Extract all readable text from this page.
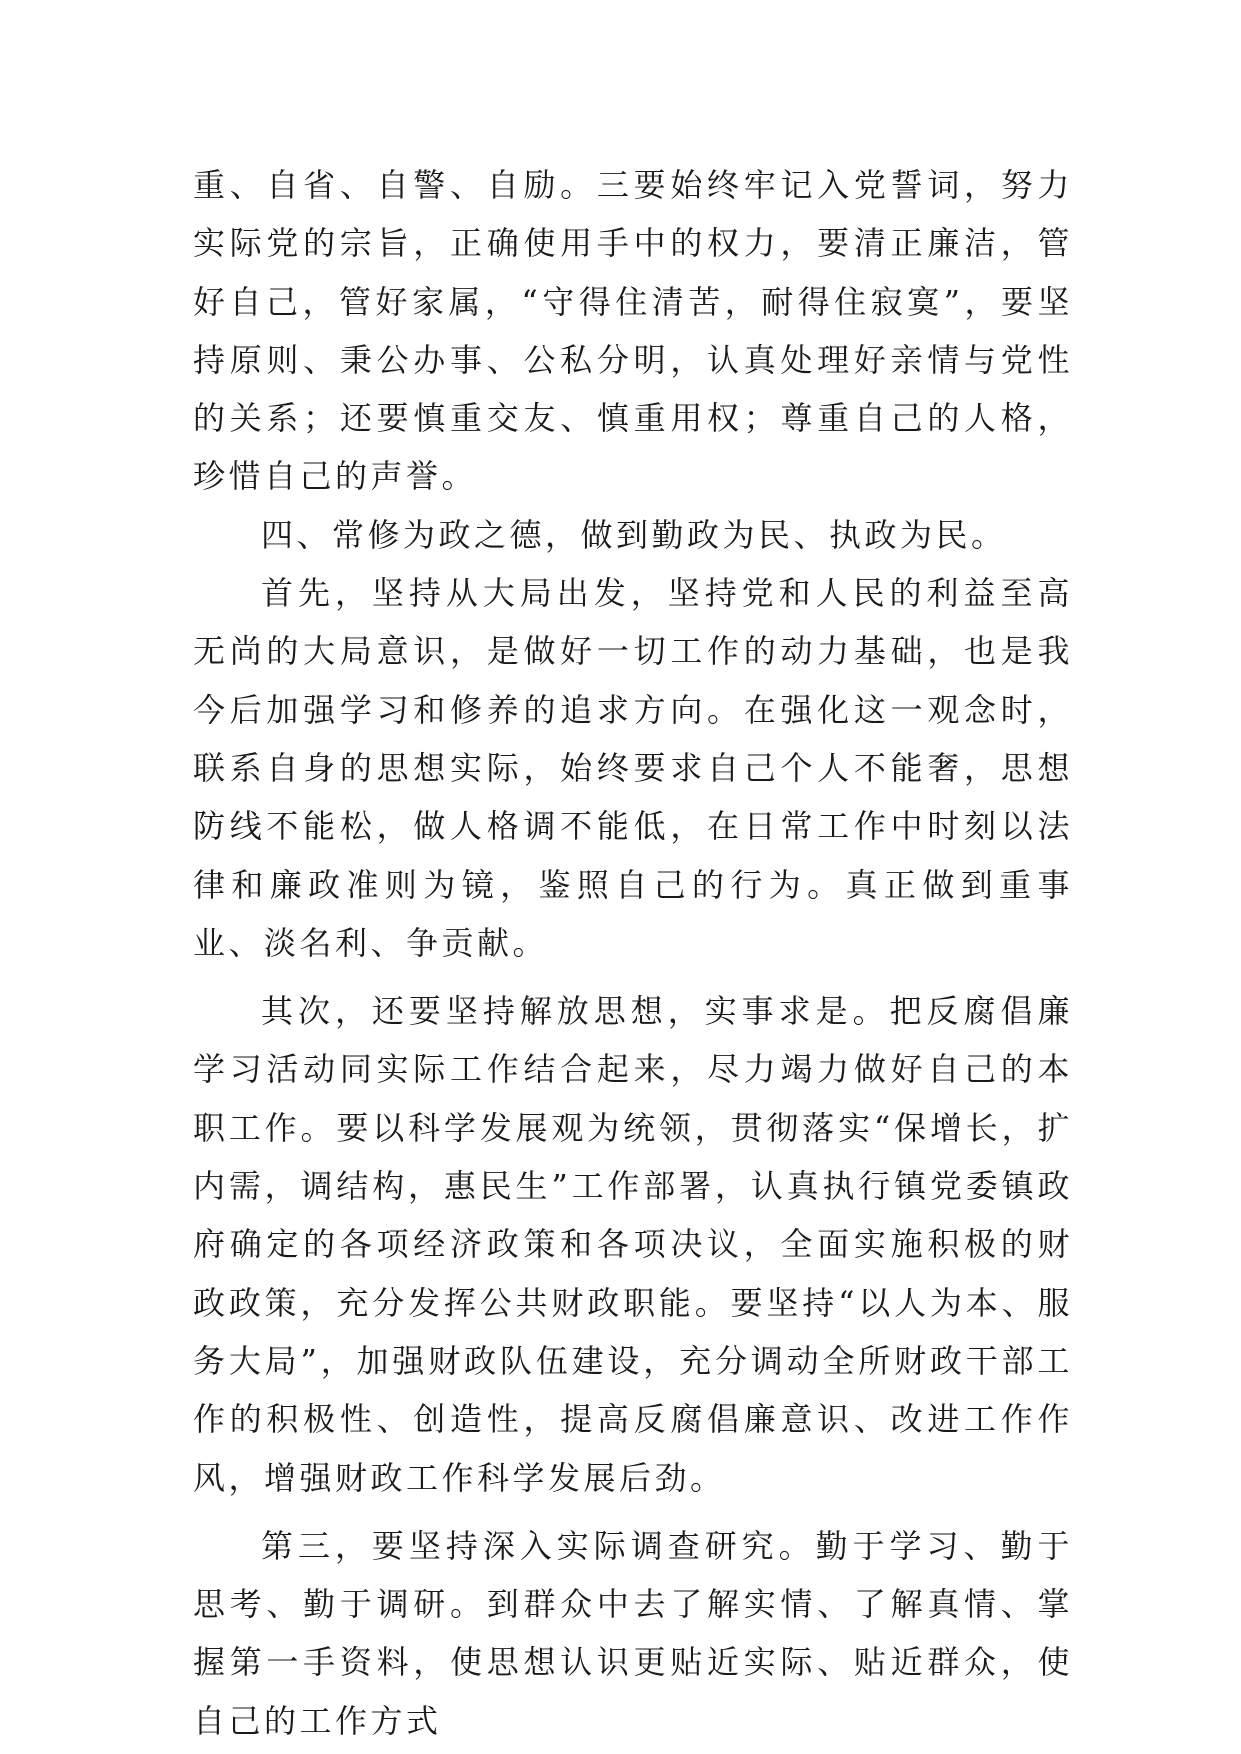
重、自省、自警、自励。三要始终牢记入党誓词，努力实际党的宗旨，正确使用手中的权力，要清正廉洁，管好自己，管好家属，“守得住清苦，耐得住寂寞”，要坚持原则、秉公办事、公私分明，认真处理好亲情与党性的关系；还要慎重交友、慎重用权；尊重自己的人格，珍惜自己的声誉。

四、常修为政之德，做到勤政为民、执政为民。

首先，坚持从大局出发，坚持党和人民的利益至高无尚的大局意识，是做好一切工作的动力基础，也是我今后加强学习和修养的追求方向。在强化这一观念时，联系自身的思想实际，始终要求自己个人不能奢，思想防线不能松，做人格调不能低，在日常工作中时刻以法律和廉政准则为镜，鉴照自己的行为。真正做到重事业、淡名利、争贡献。

其次，还要坚持解放思想，实事求是。把反腐倡廉学习活动同实际工作结合起来，尽力竭力做好自己的本职工作。要以科学发展观为统领，贯彻落实“保增长，扩内需，调结构，惠民生”工作部署，认真执行镇党委镇政府确定的各项经济政策和各项决议，全面实施积极的财政政策，充分发挥公共财政职能。要坚持“以人为本、服务大局”，加强财政队伍建设，充分调动全所财政干部工作的积极性、创造性，提高反腐倡廉意识、改进工作作风，增强财政工作科学发展后劲。

第三，要坚持深入实际调查研究。勤于学习、勤于思考、勤于调研。到群众中去了解实情、了解真情、掌握第一手资料，使思想认识更贴近实际、贴近群众，使自己的工作方式
